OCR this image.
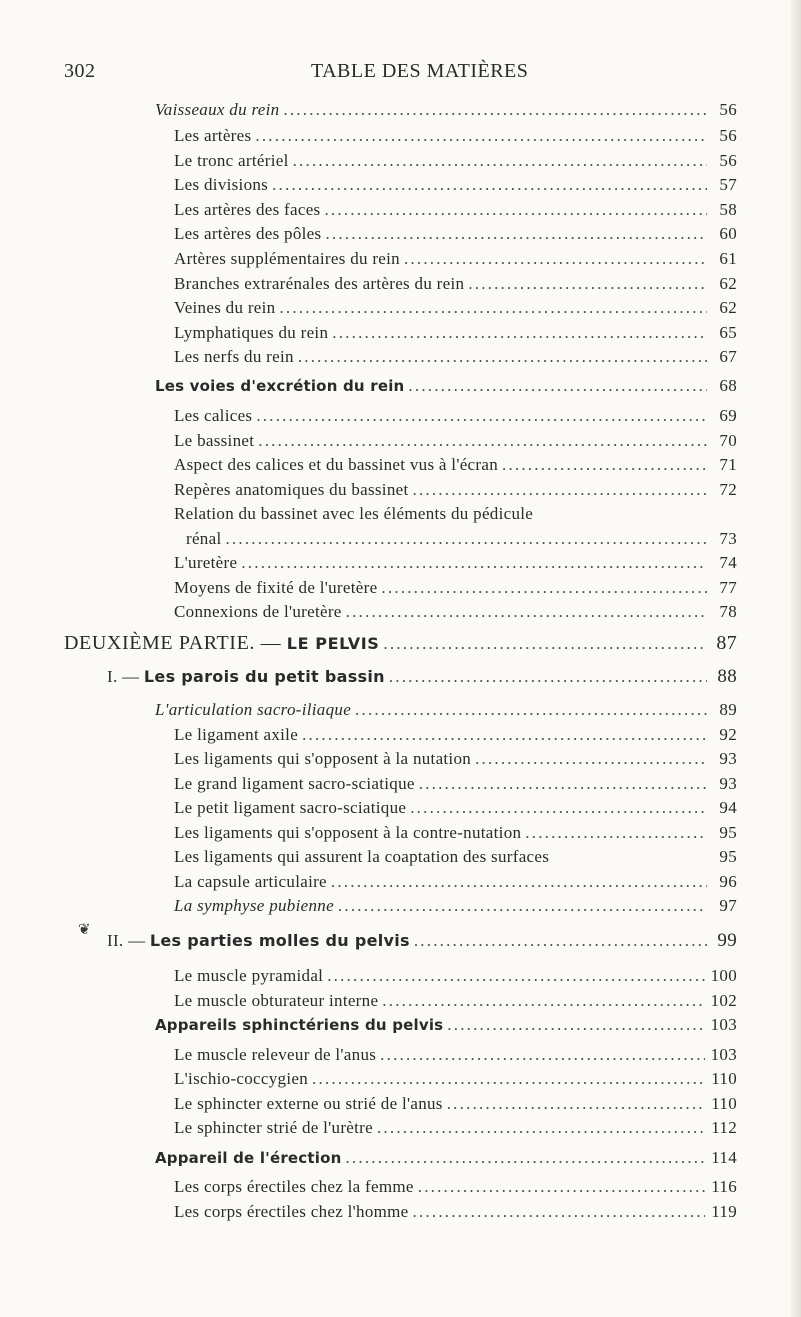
302	TABLE DES MATIÈRES
❦
Vaisseaux du rein .....	56
Les artères .....	56
Le tronc artériel .....	56
Les divisions .....	57
Les artères des faces .....	58
Les artères des pôles .....	60
Artères supplémentaires du rein .....	61
Branches extrarénales des artères du rein .....	62
Veines du rein .....	62
Lymphatiques du rein .....	65
Les nerfs du rein .....	67
Les voies d'excrétion du rein .....	68
Les calices .....	69
Le bassinet .....	70
Aspect des calices et du bassinet vus à l'écran .....	71
Repères anatomiques du bassinet .....	72
Relation du bassinet avec les éléments du pédicule
rénal .....	73
L'uretère .....	74
Moyens de fixité de l'uretère .....	77
Connexions de l'uretère .....	78
DEUXIÈME PARTIE. — LE PELVIS .....	87
I. — Les parois du petit bassin .....	88
L'articulation sacro-iliaque .....	89
Le ligament axile .....	92
Les ligaments qui s'opposent à la nutation .....	93
Le grand ligament sacro-sciatique .....	93
Le petit ligament sacro-sciatique .....	94
Les ligaments qui s'opposent à la contre-nutation .....	95
Les ligaments qui assurent la coaptation des surfaces	95
La capsule articulaire .....	96
La symphyse pubienne .....	97
II. — Les parties molles du pelvis .....	99
Le muscle pyramidal .....	100
Le muscle obturateur interne .....	102
Appareils sphinctériens du pelvis .....	103
Le muscle releveur de l'anus .....	103
L'ischio-coccygien .....	110
Le sphincter externe ou strié de l'anus .....	110
Le sphincter strié de l'urètre .....	112
Appareil de l'érection .....	114
Les corps érectiles chez la femme .....	116
Les corps érectiles chez l'homme .....	119
